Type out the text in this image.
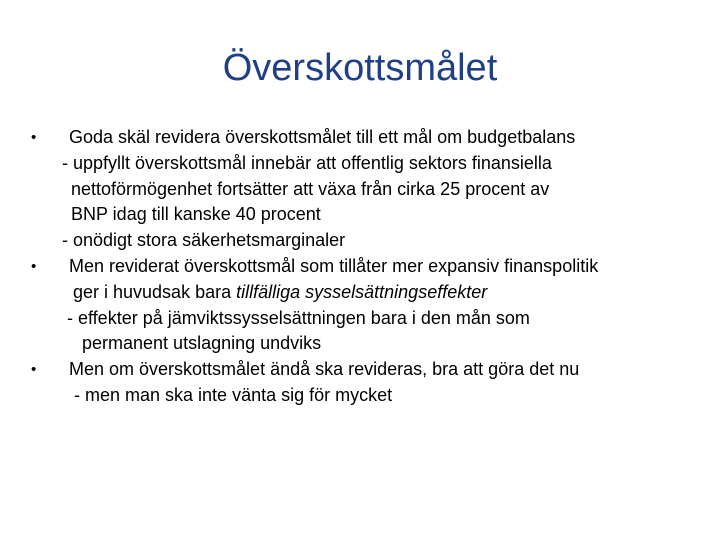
Överskottsmålet
• Goda skäl revidera överskottsmålet till ett mål om budgetbalans
- uppfyllt överskottsmål innebär att offentlig sektors finansiella
nettoförmögenhet fortsätter att växa från cirka 25 procent av
BNP idag till kanske 40 procent
- onödigt stora säkerhetsmarginaler
• Men reviderat överskottsmål som tillåter mer expansiv finanspolitik
ger i huvudsak bara tillfälliga sysselsättningseffekter
- effekter på jämviktssysselsättningen bara i den mån som
permanent utslagning undviks
• Men om överskottsmålet ändå ska revideras, bra att göra det nu
- men man ska inte vänta sig för mycket
